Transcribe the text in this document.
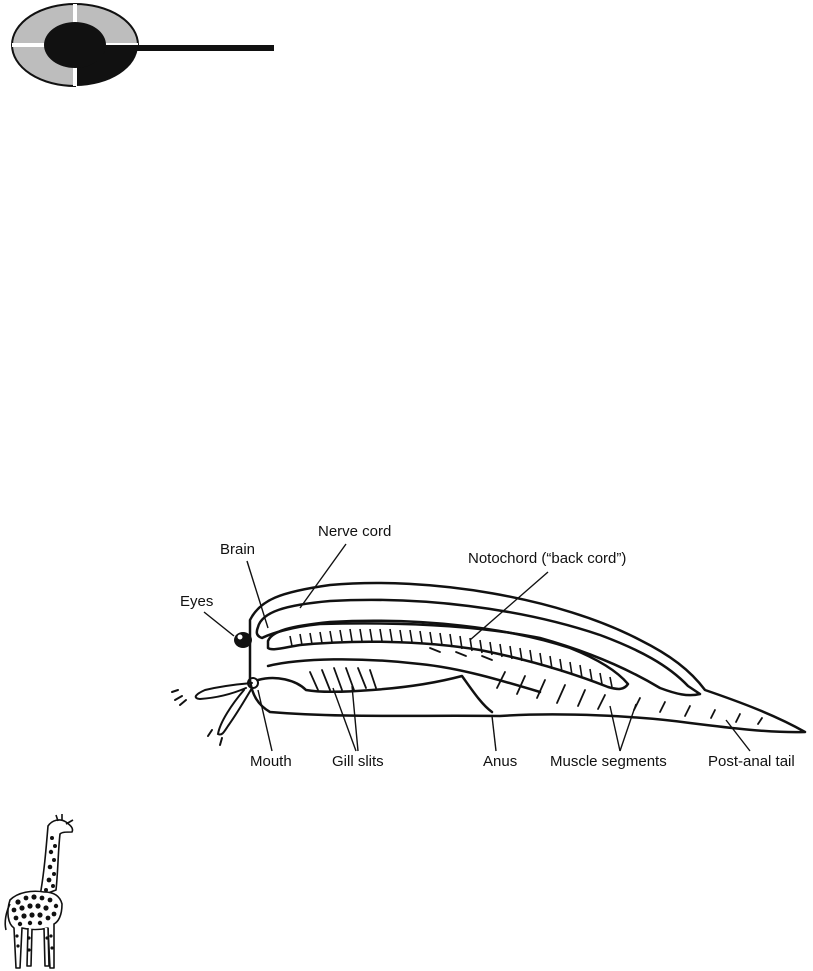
Nerve cord
Brain
Notochord (“back cord”)
Eyes
Mouth	Gill slits	Anus Muscle segments	Post-anal tail
